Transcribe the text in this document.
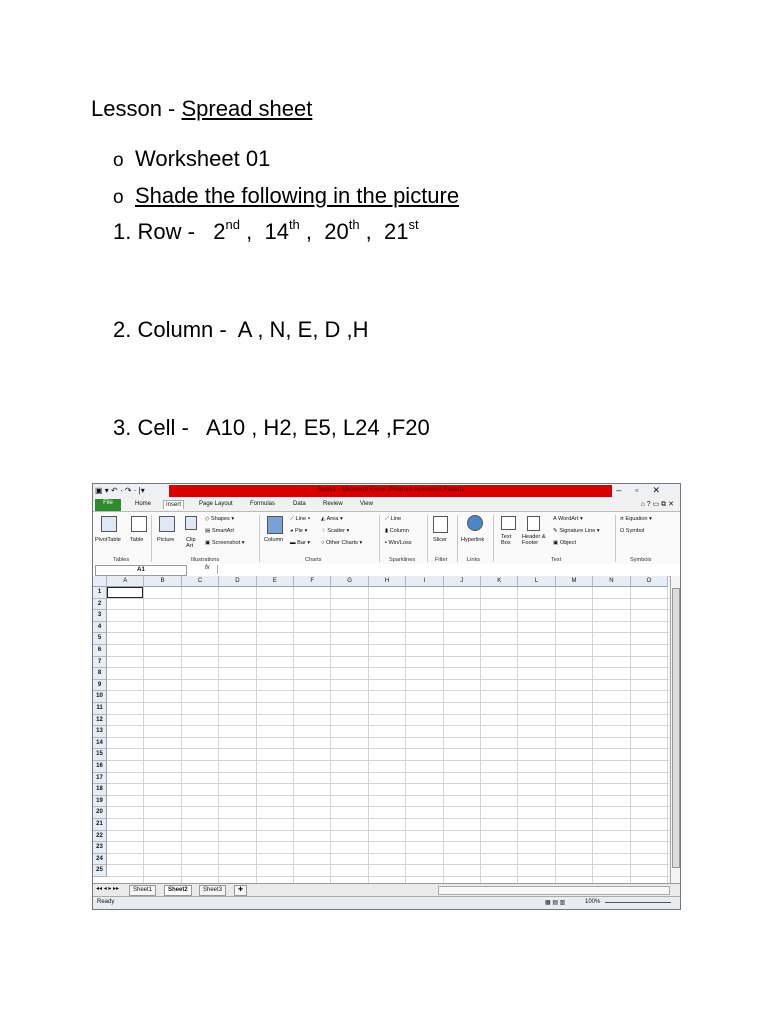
Lesson - Spread sheet
o Worksheet 01
o Shade the following in the picture
1. Row - 2nd ,  14th ,  20th ,  21st
2. Column - A , N, E, D ,H
3. Cell - A10 , H2, E5, L24 ,F20
▣ ▾ ↶ · ↷ · |▾	Book1 - Microsoft Excel (Product Activation Failed)	–▫✕
File	Home	Insert	Page Layout	Formulas	Data	Review	View	⌂ ? ▭ ⧉ ✕
PivotTable Table
Tables
Picture Clip Art
◇ Shapes ▾
▤ SmartArt
▣ Screenshot ▾
Illustrations
Column
⟋ Line ▾
◕ Pie ▾
▬ Bar ▾
◭ Area ▾
⁘ Scatter ▾
○ Other Charts ▾
Charts
⟋ Line
▮ Column
▪ Win/Loss
Sparklines
Slicer
Filter
Hyperlink
Links
Text Box
Header & Footer
A WordArt ▾
✎ Signature Line ▾
▣ Object
Text
π Equation ▾
Ω Symbol
Symbols
A1	fx
A	B	C	D	E	F	G	H	I	J	K	L	M	N	O
1
2
3
4
5
6
7
8
9
10
11
12
13
14
15
16
17
18
19
20
21
22
23
24
25
◂◂ ◂ ▸ ▸▸	Sheet1	Sheet2	Sheet3	✚
Ready	▦ ▤ ▥	100%
